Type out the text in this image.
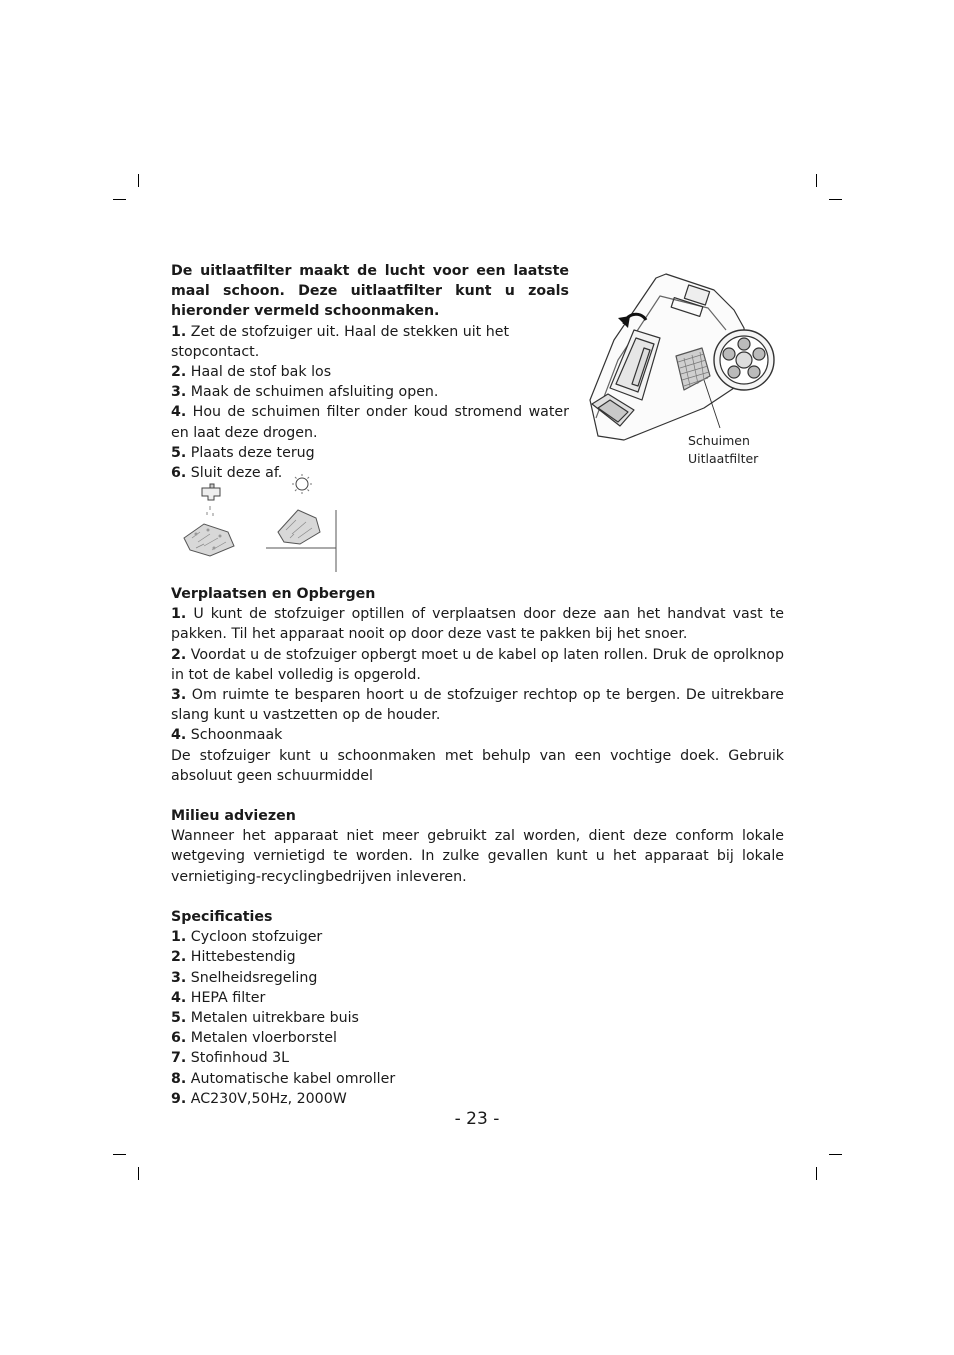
De uitlaatfilter maakt de lucht voor een laatste maal schoon. Deze uitlaatfilter kunt u zoals hieronder vermeld schoonmaken.
1. Zet de stofzuiger uit. Haal de stekken uit het stopcontact.
2. Haal de stof bak los
3. Maak de schuimen afsluiting open.
4. Hou de schuimen filter onder koud stromend water en laat deze drogen.
5. Plaats deze terug
6. Sluit deze af.
Schuimen
Uitlaatfilter
Verplaatsen en Opbergen
1. U kunt de stofzuiger optillen of verplaatsen door deze aan het handvat vast te pakken. Til het apparaat nooit op door deze vast te pakken bij het snoer.
2. Voordat u de stofzuiger opbergt moet u de kabel op laten rollen. Druk de oprolknop in tot de kabel volledig is opgerold.
3. Om ruimte te besparen hoort u de stofzuiger rechtop op te bergen. De uitrekbare slang kunt u vastzetten op de houder.
4. Schoonmaak
De stofzuiger kunt u schoonmaken met behulp van een vochtige doek. Gebruik absoluut geen schuurmiddel
Milieu adviezen
Wanneer het apparaat niet meer gebruikt zal worden, dient deze conform lokale wetgeving vernietigd te worden. In zulke gevallen kunt u het apparaat bij lokale vernietiging-recyclingbedrijven inleveren.
Specificaties
1. Cycloon stofzuiger
2. Hittebestendig
3. Snelheidsregeling
4. HEPA filter
5. Metalen uitrekbare buis
6. Metalen vloerborstel
7. Stofinhoud 3L
8. Automatische kabel omroller
9. AC230V,50Hz, 2000W
- 23 -
